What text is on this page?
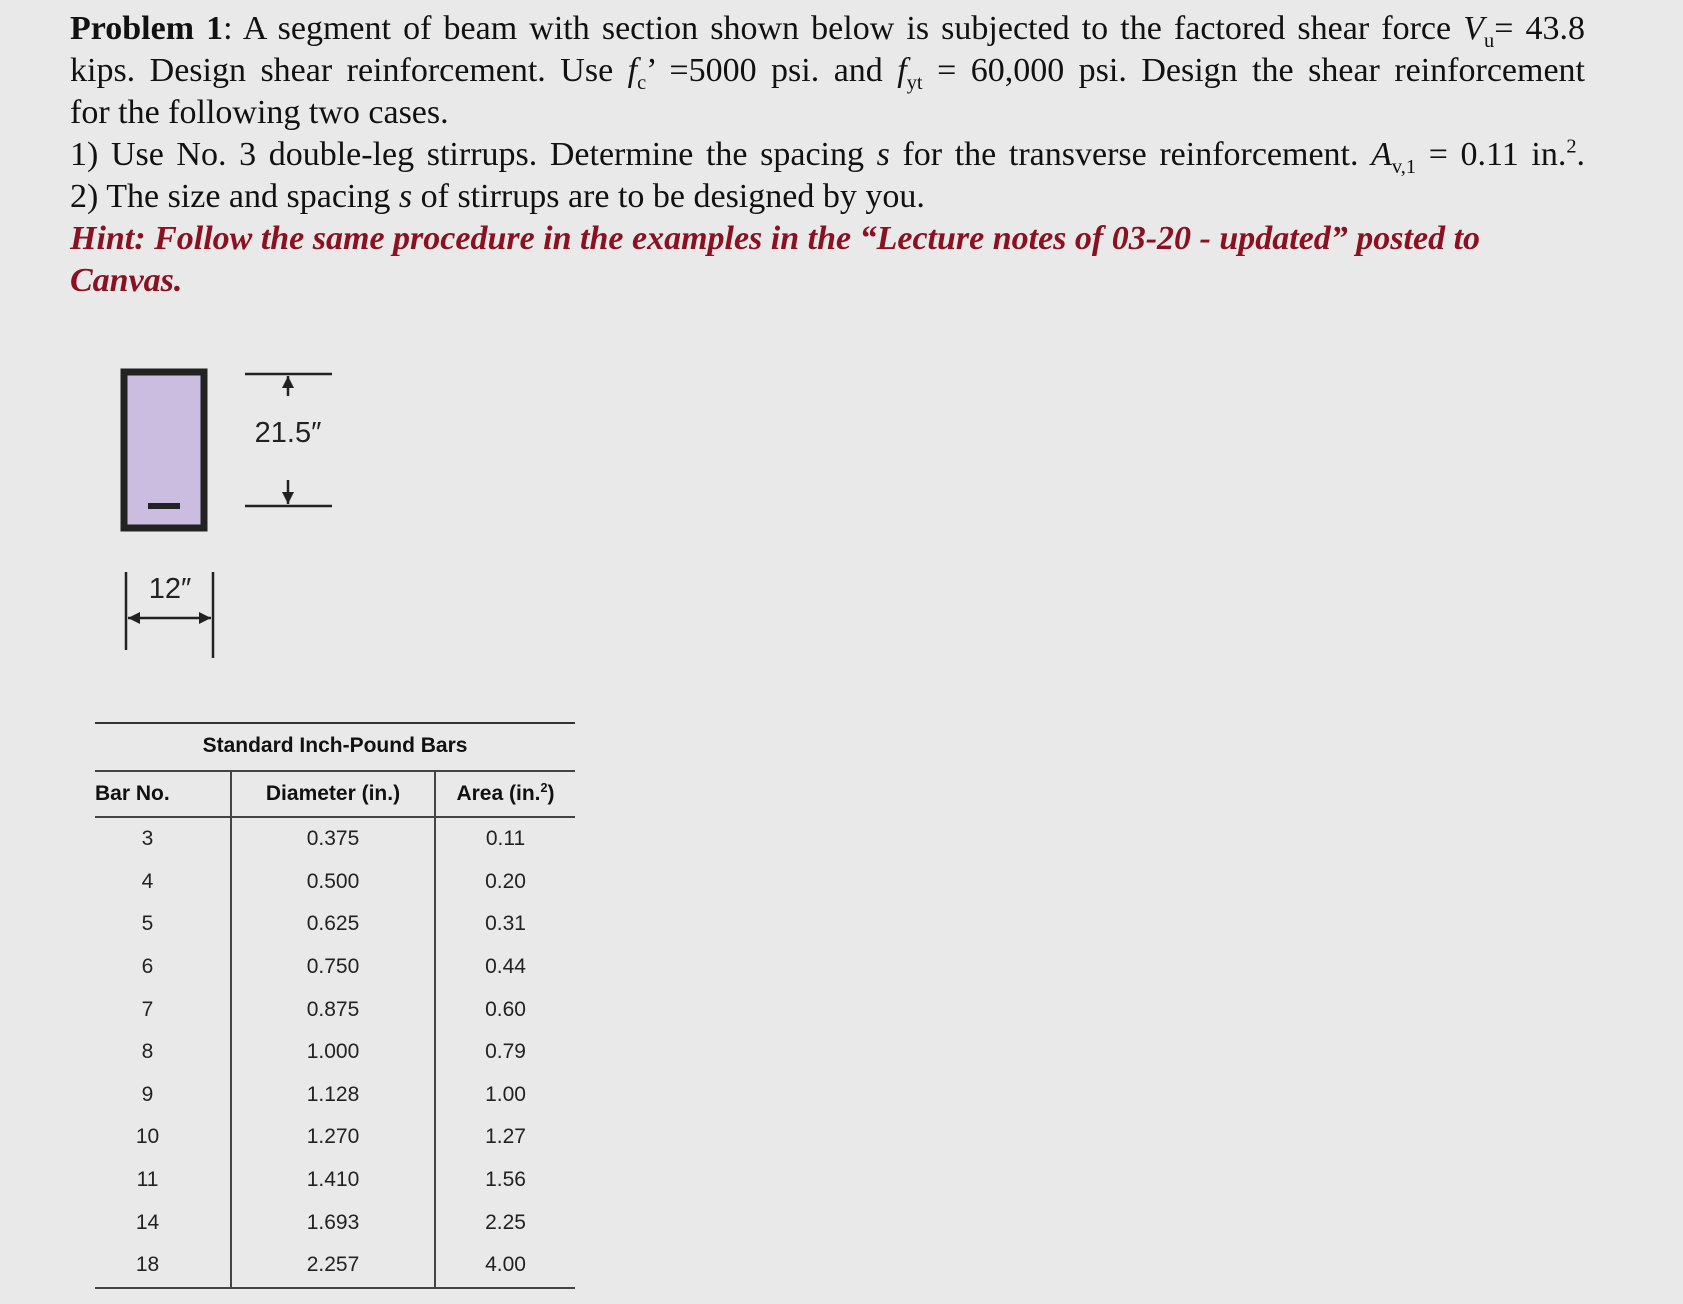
Problem 1: A segment of beam with section shown below is subjected to the factored shear force $V_u= 43.8$

kips. Design shear reinforcement. Use $f_c$’ =5000 psi. and $f_{yt} = 60,000$ psi. Design the shear reinforcement

for the following two cases.

1) Use No. 3 double-leg stirrups. Determine the spacing s for the transverse reinforcement. $A_{v,1} = 0.11$ in.$^2$.

2) The size and spacing s of stirrups are to be designed by you.

Hint: Follow the same procedure in the examples in the “Lecture notes of 03-20 - updated” posted to Canvas.

21.5″
12″
Standard Inch-Pound Bars
Bar No.	Diameter (in.)	Area (in.$^2$)
3	0.375	0.11
4	0.500	0.20
5	0.625	0.31
6	0.750	0.44
7	0.875	0.60
8	1.000	0.79
9	1.128	1.00
10	1.270	1.27
11	1.410	1.56
14	1.693	2.25
18	2.257	4.00
